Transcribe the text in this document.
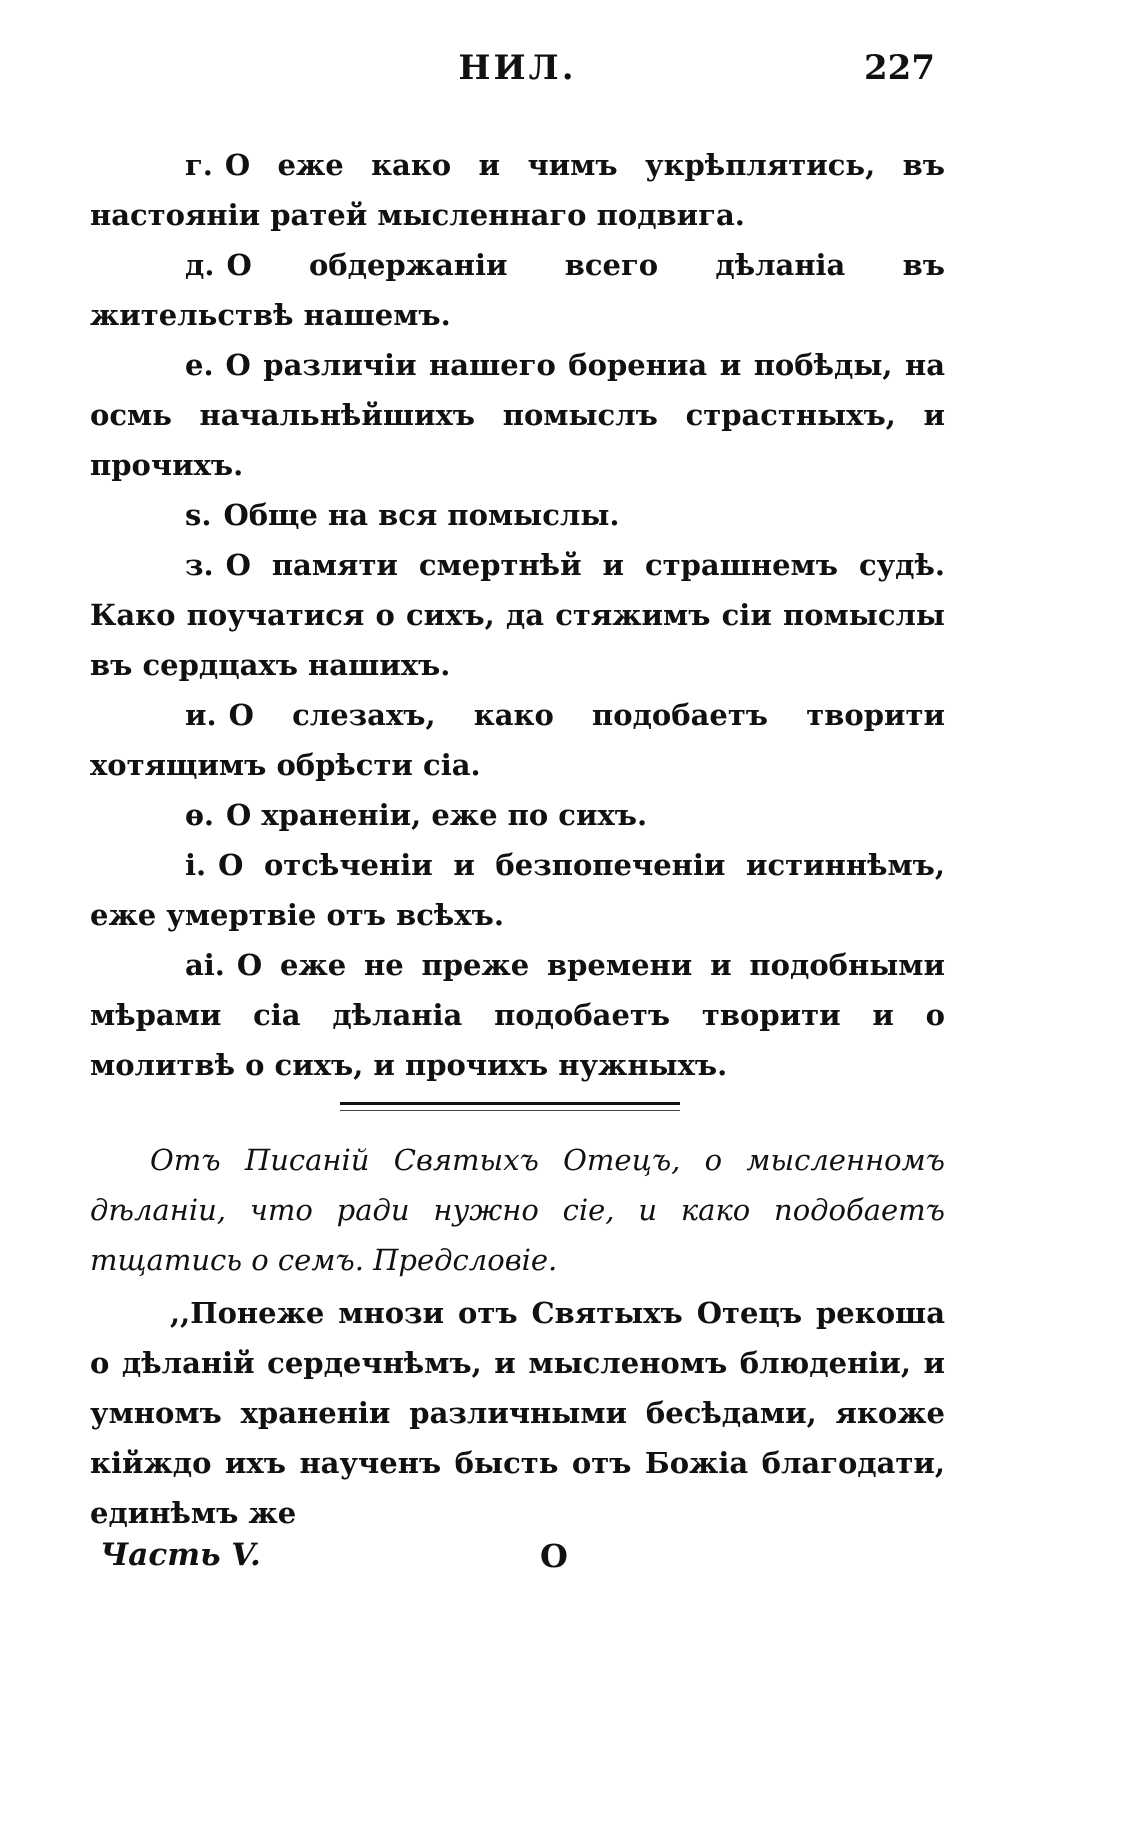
НИЛ.	227

г. О еже како и чимъ укрѣплятись, въ настояніи ратей мысленнаго подвига.

д. О обдержаніи всего дѣланіа въ жительствѣ нашемъ.

е. О различіи нашего борениа и побѣды, на осмь начальнѣйшихъ помыслъ страстныхъ, и прочихъ.

ѕ. Обще на вся помыслы.

з. О памяти смертнѣй и страшнемъ судѣ. Како поучатися о сихъ, да стяжимъ сіи помыслы въ сердцахъ нашихъ.

и. О слезахъ, како подобаетъ творити хотящимъ обрѣсти сіа.

ѳ. О храненіи, еже по сихъ.

і. О отсѣченіи и безпопеченіи истиннѣмъ, еже умертвіе отъ всѣхъ.

аі. О еже не преже времени и подобными мѣрами сіа дѣланіа подобаетъ творити и о молитвѣ о сихъ, и прочихъ нужныхъ.

Отъ Писаній Святыхъ Отецъ, о мысленномъ дѣланіи, что ради нужно сіе, и како подобаетъ тщатись о семъ. Предсловіе.
,,Понеже мнози отъ Святыхъ Отецъ рекоша о дѣланій сердечнѣмъ, и мысленомъ блюденіи, и умномъ храненіи различными бесѣдами, якоже кійждо ихъ наученъ бысть отъ Божіа благодати, единѣмъ же
Часть V.	О
